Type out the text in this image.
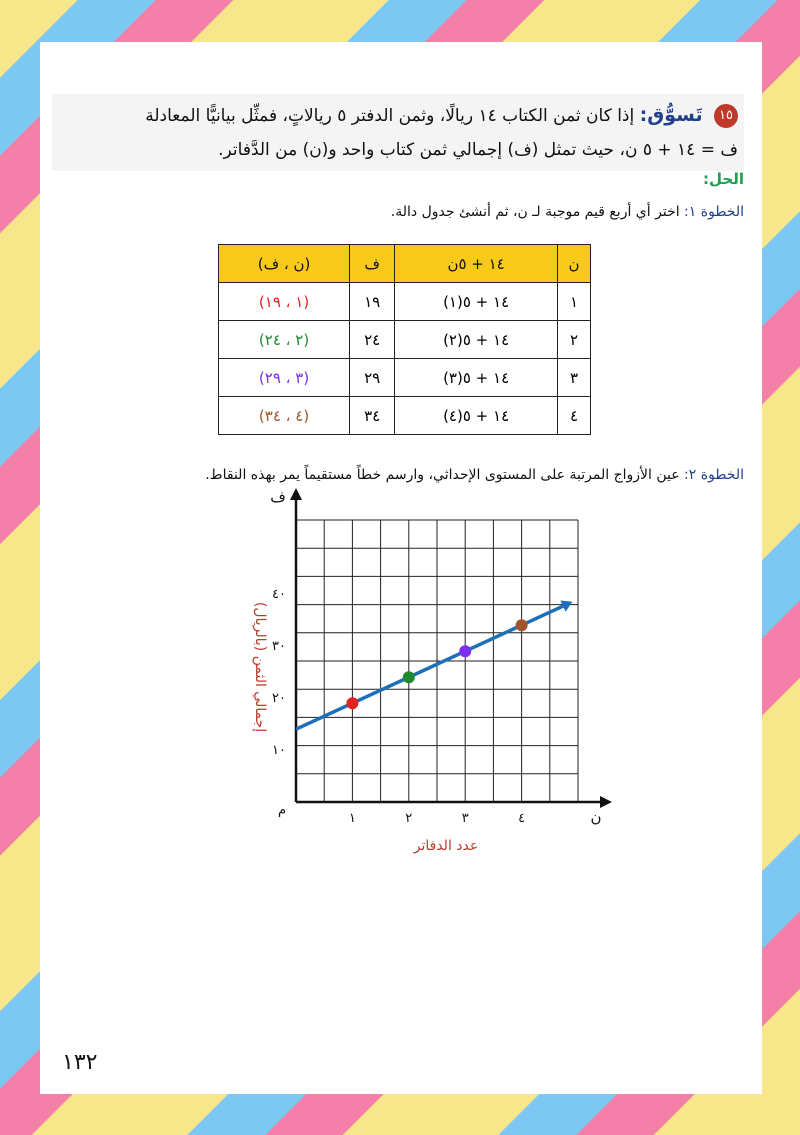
١٥ تَسوُّق: إذا كان ثمن الكتاب ١٤ ريالًا، وثمن الدفتر ٥ ريالاتٍ، فمثِّل بيانيًّا المعادلة
ف = ١٤ + ٥ ن، حيث تمثل (ف) إجمالي ثمن كتاب واحد و(ن) من الدَّفاتر.
الحل:
الخطوة ١: اختر أي أربع قيم موجبة لـ ن، ثم أنشئ جدول دالة.
ن	١٤ + ٥ن	ف	(ن ، ف)
١	١٤ + ٥(١)	١٩	(١ ، ١٩)
٢	١٤ + ٥(٢)	٢٤	(٢ ، ٢٤)
٣	١٤ + ٥(٣)	٢٩	(٣ ، ٢٩)
٤	١٤ + ٥(٤)	٣٤	(٤ ، ٣٤)
الخطوة ٢: عين الأزواج المرتبة على المستوى الإحداثي، وارسم خطاً مستقيماً يمر بهذه النقاط.
١	٢	٣	٤
١٠
٢٠
٣٠
٤٠
ن
ف
م
عدد الدفاتر
إجمالي الثمن (بالريال)
١٣٢
